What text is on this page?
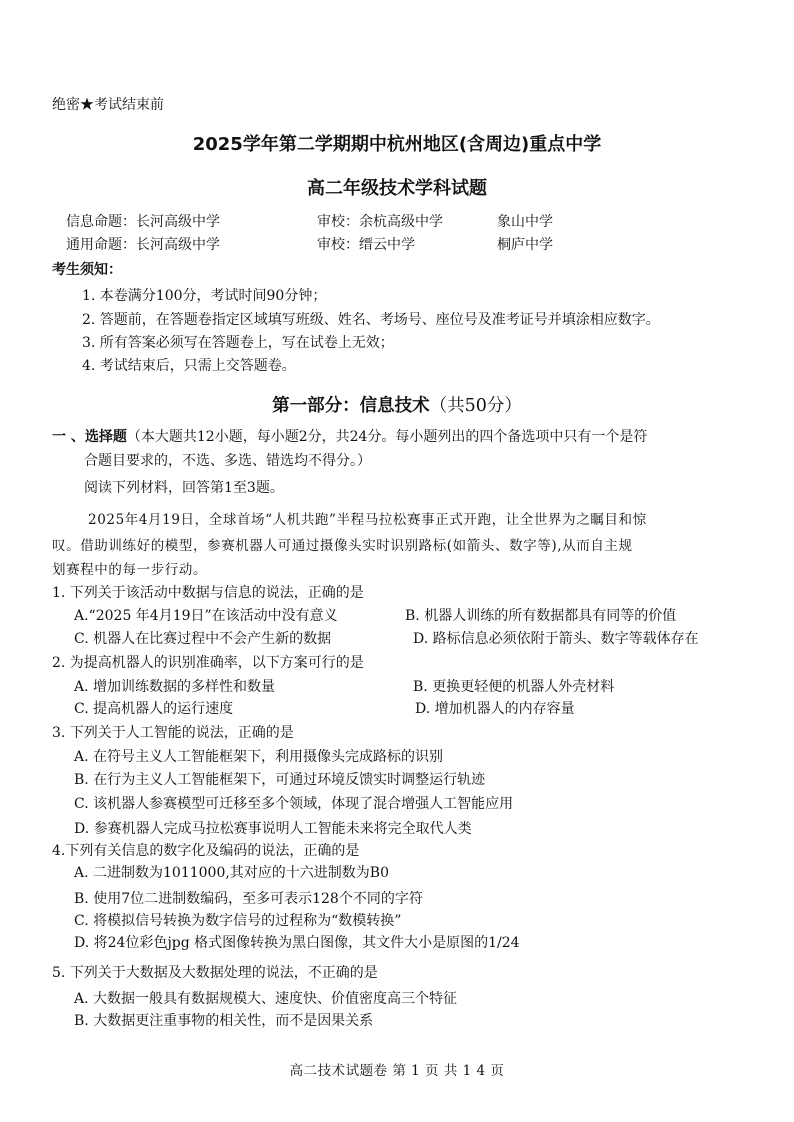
绝密★考试结束前
2025学年第二学期期中杭州地区(含周边)重点中学
高二年级技术学科试题
信息命题：长河高级中学	审校：余杭高级中学	象山中学
通用命题：长河高级中学	审校：缙云中学	桐庐中学
考生须知：
1. 本卷满分100分，考试时间90分钟；
2. 答题前，在答题卷指定区域填写班级、姓名、考场号、座位号及准考证号并填涂相应数字。
3. 所有答案必须写在答题卷上，写在试卷上无效；
4. 考试结束后，只需上交答题卷。
第一部分：信息技术（共50分）
一 、选择题（本大题共12小题，每小题2分，共24分。每小题列出的四个备选项中只有一个是符
合题目要求的，不选、多选、错选均不得分。）
阅读下列材料，回答第1至3题。
2025年4月19日，全球首场“人机共跑”半程马拉松赛事正式开跑，让全世界为之瞩目和惊
叹。借助训练好的模型，参赛机器人可通过摄像头实时识别路标(如箭头、数字等),从而自主规
划赛程中的每一步行动。
1. 下列关于该活动中数据与信息的说法，正确的是
A.“2025 年4月19日”在该活动中没有意义	B. 机器人训练的所有数据都具有同等的价值
C. 机器人在比赛过程中不会产生新的数据	D. 路标信息必须依附于箭头、数字等载体存在
2. 为提高机器人的识别准确率，以下方案可行的是
A. 增加训练数据的多样性和数量	B. 更换更轻便的机器人外壳材料
C. 提高机器人的运行速度	D. 增加机器人的内存容量
3. 下列关于人工智能的说法，正确的是
A. 在符号主义人工智能框架下，利用摄像头完成路标的识别
B. 在行为主义人工智能框架下，可通过环境反馈实时调整运行轨迹
C. 该机器人参赛模型可迁移至多个领域，体现了混合增强人工智能应用
D. 参赛机器人完成马拉松赛事说明人工智能未来将完全取代人类
4.下列有关信息的数字化及编码的说法，正确的是
A. 二进制数为1011000,其对应的十六进制数为B0
B. 使用7位二进制数编码，至多可表示128个不同的字符
C. 将模拟信号转换为数字信号的过程称为“数模转换”
D. 将24位彩色jpg 格式图像转换为黑白图像，其文件大小是原图的1/24
5. 下列关于大数据及大数据处理的说法，不正确的是
A. 大数据一般具有数据规模大、速度快、价值密度高三个特征
B. 大数据更注重事物的相关性，而不是因果关系
高二技术试题卷 第 1 页 共 1 4 页
